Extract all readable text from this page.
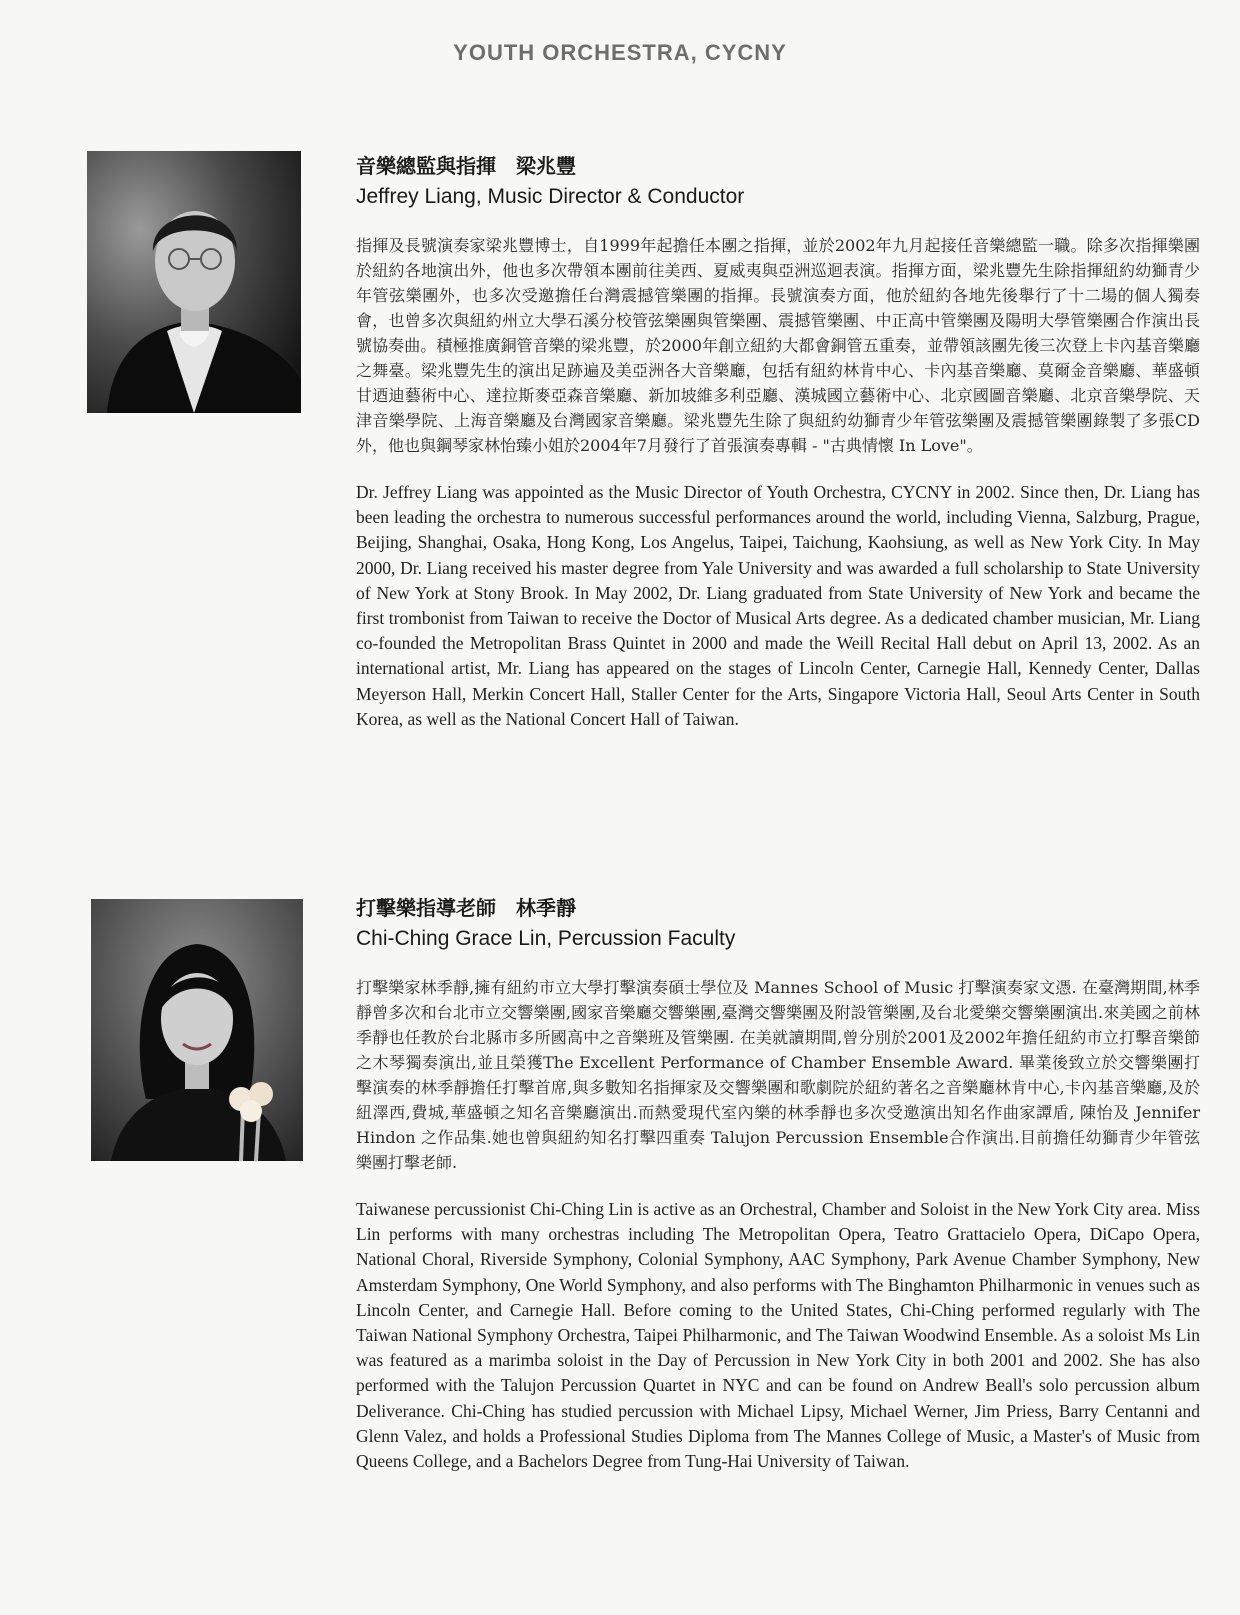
YOUTH ORCHESTRA, CYCNY
音樂總監與指揮　梁兆豐
Jeffrey Liang, Music Director & Conductor

指揮及長號演奏家梁兆豐博士，自1999年起擔任本團之指揮，並於2002年九月起接任音樂總監一職。除多次指揮樂團於紐約各地演出外，他也多次帶領本團前往美西、夏威夷與亞洲巡迴表演。指揮方面，梁兆豐先生除指揮紐約幼獅青少年管弦樂團外，也多次受邀擔任台灣震撼管樂團的指揮。長號演奏方面，他於紐約各地先後舉行了十二場的個人獨奏會，也曾多次與紐約州立大學石溪分校管弦樂團與管樂團、震撼管樂團、中正高中管樂團及陽明大學管樂團合作演出長號協奏曲。積極推廣銅管音樂的梁兆豐，於2000年創立紐約大都會銅管五重奏，並帶領該團先後三次登上卡內基音樂廳之舞臺。梁兆豐先生的演出足跡遍及美亞洲各大音樂廳，包括有紐約林肯中心、卡內基音樂廳、莫爾金音樂廳、華盛頓甘迺迪藝術中心、達拉斯麥亞森音樂廳、新加坡維多利亞廳、漢城國立藝術中心、北京國圖音樂廳、北京音樂學院、天津音樂學院、上海音樂廳及台灣國家音樂廳。梁兆豐先生除了與紐約幼獅青少年管弦樂團及震撼管樂團錄製了多張CD外，他也與鋼琴家林怡臻小姐於2004年7月發行了首張演奏專輯 - "古典情懷 In Love"。

Dr. Jeffrey Liang was appointed as the Music Director of Youth Orchestra, CYCNY in 2002. Since then, Dr. Liang has been leading the orchestra to numerous successful performances around the world, including Vienna, Salzburg, Prague, Beijing, Shanghai, Osaka, Hong Kong, Los Angelus, Taipei, Taichung, Kaohsiung, as well as New York City. In May 2000, Dr. Liang received his master degree from Yale University and was awarded a full scholarship to State University of New York at Stony Brook. In May 2002, Dr. Liang graduated from State University of New York and became the first trombonist from Taiwan to receive the Doctor of Musical Arts degree. As a dedicated chamber musician, Mr. Liang co-founded the Metropolitan Brass Quintet in 2000 and made the Weill Recital Hall debut on April 13, 2002. As an international artist, Mr. Liang has appeared on the stages of Lincoln Center, Carnegie Hall, Kennedy Center, Dallas Meyerson Hall, Merkin Concert Hall, Staller Center for the Arts, Singapore Victoria Hall, Seoul Arts Center in South Korea, as well as the National Concert Hall of Taiwan.

打擊樂指導老師　林季靜
Chi-Ching Grace Lin, Percussion Faculty

打擊樂家林季靜,擁有紐約市立大學打擊演奏碩士學位及 Mannes School of Music 打擊演奏家文憑. 在臺灣期間,林季靜曾多次和台北市立交響樂團,國家音樂廳交響樂團,臺灣交響樂團及附設管樂團,及台北愛樂交響樂團演出.來美國之前林季靜也任教於台北縣市多所國高中之音樂班及管樂團. 在美就讀期間,曾分別於2001及2002年擔任紐約市立打擊音樂節之木琴獨奏演出,並且榮獲The Excellent Performance of Chamber Ensemble Award. 畢業後致立於交響樂團打擊演奏的林季靜擔任打擊首席,與多數知名指揮家及交響樂團和歌劇院於紐約著名之音樂廳林肯中心,卡內基音樂廳,及於紐澤西,費城,華盛頓之知名音樂廳演出.而熱愛現代室內樂的林季靜也多次受邀演出知名作曲家譚盾, 陳怡及 Jennifer Hindon 之作品集.她也曾與紐約知名打擊四重奏 Talujon Percussion Ensemble合作演出.目前擔任幼獅青少年管弦樂團打擊老師.

Taiwanese percussionist Chi-Ching Lin is active as an Orchestral, Chamber and Soloist in the New York City area. Miss Lin performs with many orchestras including The Metropolitan Opera, Teatro Grattacielo Opera, DiCapo Opera, National Choral, Riverside Symphony, Colonial Symphony, AAC Symphony, Park Avenue Chamber Symphony, New Amsterdam Symphony, One World Symphony, and also performs with The Binghamton Philharmonic in venues such as Lincoln Center, and Carnegie Hall. Before coming to the United States, Chi-Ching performed regularly with The Taiwan National Symphony Orchestra, Taipei Philharmonic, and The Taiwan Woodwind Ensemble. As a soloist Ms Lin was featured as a marimba soloist in the Day of Percussion in New York City in both 2001 and 2002. She has also performed with the Talujon Percussion Quartet in NYC and can be found on Andrew Beall's solo percussion album Deliverance. Chi-Ching has studied percussion with Michael Lipsy, Michael Werner, Jim Priess, Barry Centanni and Glenn Valez, and holds a Professional Studies Diploma from The Mannes College of Music, a Master's of Music from Queens College, and a Bachelors Degree from Tung-Hai University of Taiwan.
